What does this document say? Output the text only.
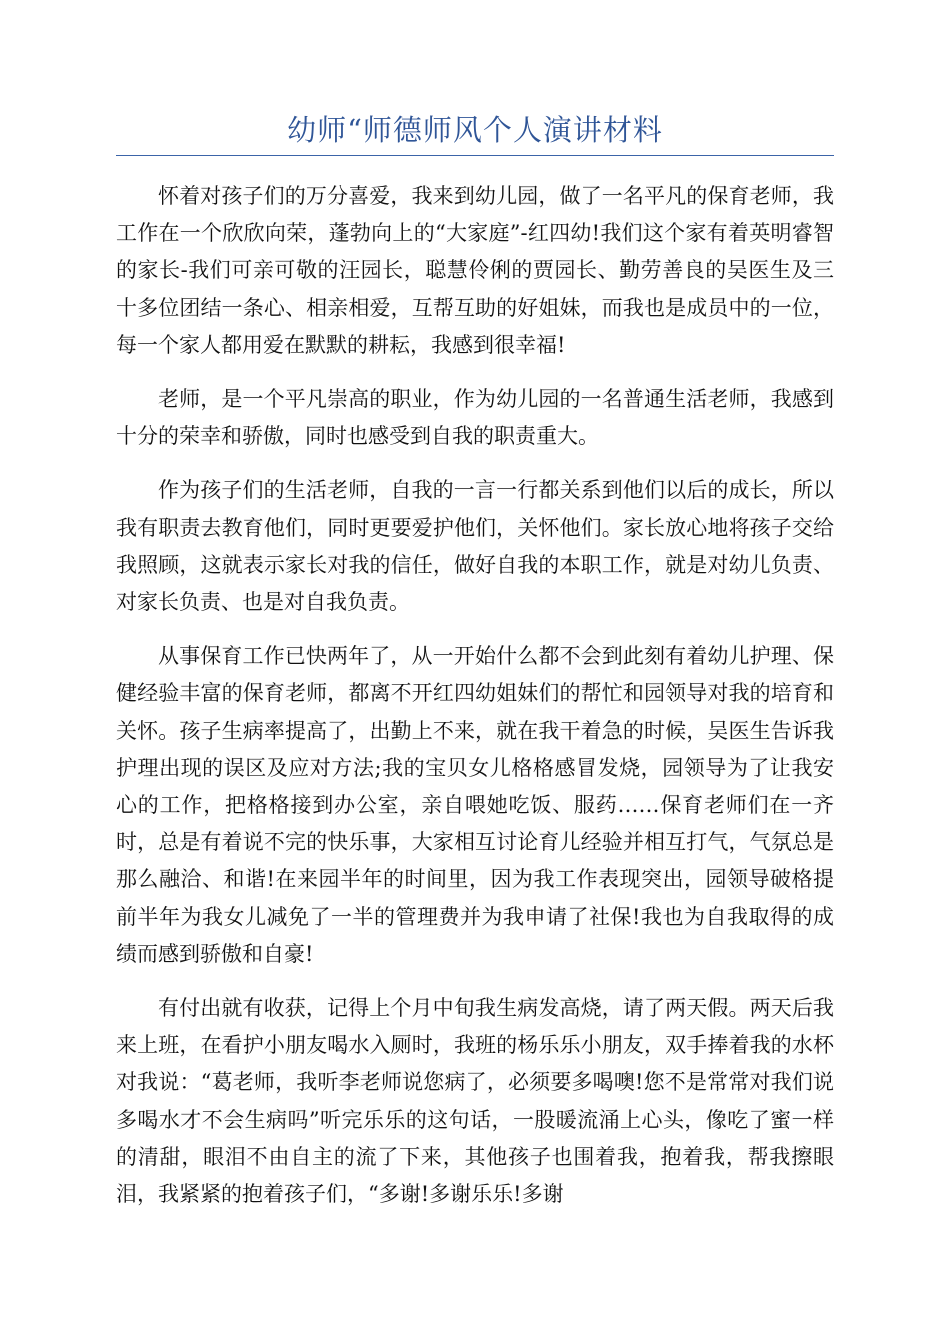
幼师“师德师风个人演讲材料

怀着对孩子们的万分喜爱，我来到幼儿园，做了一名平凡的保育老师，我工作在一个欣欣向荣，蓬勃向上的“大家庭”-红四幼!我们这个家有着英明睿智的家长-我们可亲可敬的汪园长，聪慧伶俐的贾园长、勤劳善良的吴医生及三十多位团结一条心、相亲相爱，互帮互助的好姐妹，而我也是成员中的一位，每一个家人都用爱在默默的耕耘，我感到很幸福!

老师，是一个平凡崇高的职业，作为幼儿园的一名普通生活老师，我感到十分的荣幸和骄傲，同时也感受到自我的职责重大。

作为孩子们的生活老师，自我的一言一行都关系到他们以后的成长，所以我有职责去教育他们，同时更要爱护他们，关怀他们。家长放心地将孩子交给我照顾，这就表示家长对我的信任，做好自我的本职工作，就是对幼儿负责、对家长负责、也是对自我负责。

从事保育工作已快两年了，从一开始什么都不会到此刻有着幼儿护理、保健经验丰富的保育老师，都离不开红四幼姐妹们的帮忙和园领导对我的培育和关怀。孩子生病率提高了，出勤上不来，就在我干着急的时候，吴医生告诉我护理出现的误区及应对方法;我的宝贝女儿格格感冒发烧，园领导为了让我安心的工作，把格格接到办公室，亲自喂她吃饭、服药……保育老师们在一齐时，总是有着说不完的快乐事，大家相互讨论育儿经验并相互打气，气氛总是那么融洽、和谐!在来园半年的时间里，因为我工作表现突出，园领导破格提前半年为我女儿减免了一半的管理费并为我申请了社保!我也为自我取得的成绩而感到骄傲和自豪!

有付出就有收获，记得上个月中旬我生病发高烧，请了两天假。两天后我来上班，在看护小朋友喝水入厕时，我班的杨乐乐小朋友，双手捧着我的水杯对我说：“葛老师，我听李老师说您病了，必须要多喝噢!您不是常常对我们说多喝水才不会生病吗”听完乐乐的这句话，一股暖流涌上心头，像吃了蜜一样的清甜，眼泪不由自主的流了下来，其他孩子也围着我，抱着我，帮我擦眼泪，我紧紧的抱着孩子们，“多谢!多谢乐乐!多谢
